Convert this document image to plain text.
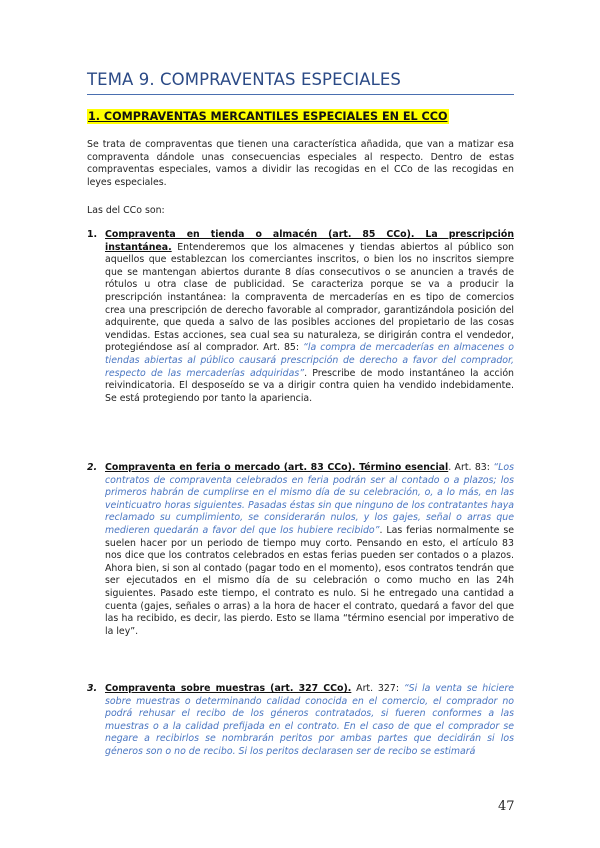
TEMA 9. COMPRAVENTAS ESPECIALES
1. COMPRAVENTAS MERCANTILES ESPECIALES EN EL CCO
Se trata de compraventas que tienen una característica añadida, que van a matizar esa compraventa dándole unas consecuencias especiales al respecto. Dentro de estas compraventas especiales, vamos a dividir las recogidas en el CCo de las recogidas en leyes especiales.
Las del CCo son:
1. Compraventa en tienda o almacén (art. 85 CCo). La prescripción instantánea. Entenderemos que los almacenes y tiendas abiertos al público son aquellos que establezcan los comerciantes inscritos, o bien los no inscritos siempre que se mantengan abiertos durante 8 días consecutivos o se anuncien a través de rótulos u otra clase de publicidad. Se caracteriza porque se va a producir la prescripción instantánea: la compraventa de mercaderías en es tipo de comercios crea una prescripción de derecho favorable al comprador, garantizándola posición del adquirente, que queda a salvo de las posibles acciones del propietario de las cosas vendidas. Estas acciones, sea cual sea su naturaleza, se dirigirán contra el vendedor, protegiéndose así al comprador. Art. 85: “la compra de mercaderías en almacenes o tiendas abiertas al público causará prescripción de derecho a favor del comprador, respecto de las mercaderías adquiridas”. Prescribe de modo instantáneo la acción reivindicatoria. El desposeído se va a dirigir contra quien ha vendido indebidamente. Se está protegiendo por tanto la apariencia.
2. Compraventa en feria o mercado (art. 83 CCo). Término esencial. Art. 83: “Los contratos de compraventa celebrados en feria podrán ser al contado o a plazos; los primeros habrán de cumplirse en el mismo día de su celebración, o, a lo más, en las veinticuatro horas siguientes. Pasadas éstas sin que ninguno de los contratantes haya reclamado su cumplimiento, se considerarán nulos, y los gajes, señal o arras que medieren quedarán a favor del que los hubiere recibido”. Las ferias normalmente se suelen hacer por un periodo de tiempo muy corto. Pensando en esto, el artículo 83 nos dice que los contratos celebrados en estas ferias pueden ser contados o a plazos. Ahora bien, si son al contado (pagar todo en el momento), esos contratos tendrán que ser ejecutados en el mismo día de su celebración o como mucho en las 24h siguientes. Pasado este tiempo, el contrato es nulo. Si he entregado una cantidad a cuenta (gajes, señales o arras) a la hora de hacer el contrato, quedará a favor del que las ha recibido, es decir, las pierdo. Esto se llama “término esencial por imperativo de la ley”.
3. Compraventa sobre muestras (art. 327 CCo). Art. 327: “Si la venta se hiciere sobre muestras o determinando calidad conocida en el comercio, el comprador no podrá rehusar el recibo de los géneros contratados, si fueren conformes a las muestras o a la calidad prefijada en el contrato. En el caso de que el comprador se negare a recibirlos se nombrarán peritos por ambas partes que decidirán si los géneros son o no de recibo. Si los peritos declarasen ser de recibo se estimará
47
